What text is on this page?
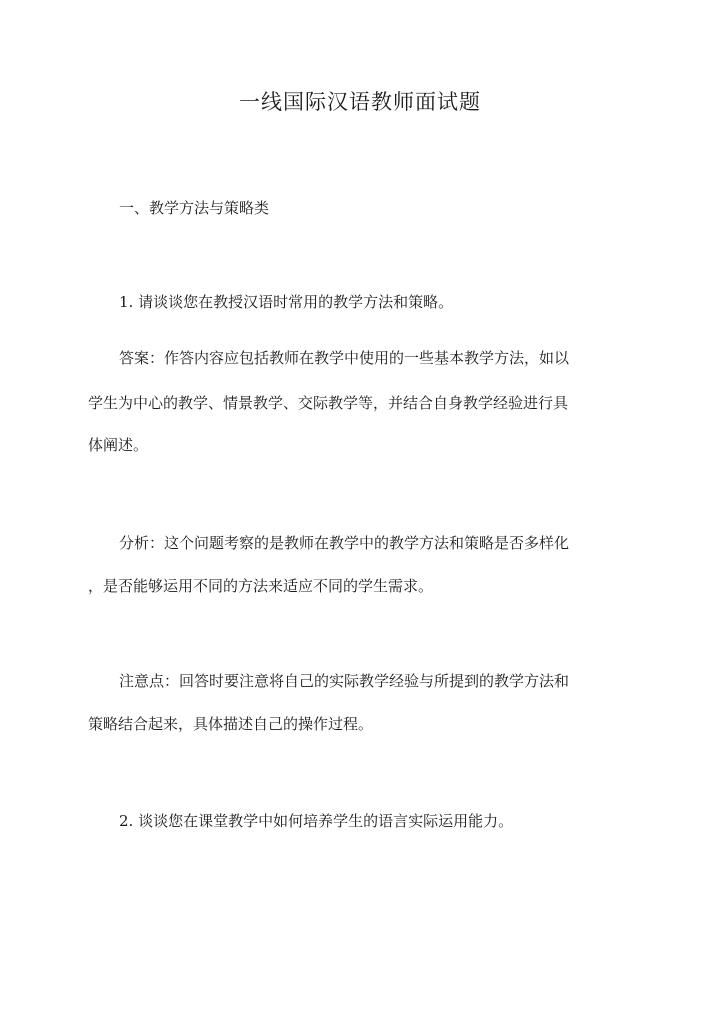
一线国际汉语教师面试题
一、教学方法与策略类
1. 请谈谈您在教授汉语时常用的教学方法和策略。
答案：作答内容应包括教师在教学中使用的一些基本教学方法，如以
学生为中心的教学、情景教学、交际教学等，并结合自身教学经验进行具
体阐述。
分析：这个问题考察的是教师在教学中的教学方法和策略是否多样化
，是否能够运用不同的方法来适应不同的学生需求。
注意点：回答时要注意将自己的实际教学经验与所提到的教学方法和
策略结合起来，具体描述自己的操作过程。
2. 谈谈您在课堂教学中如何培养学生的语言实际运用能力。
